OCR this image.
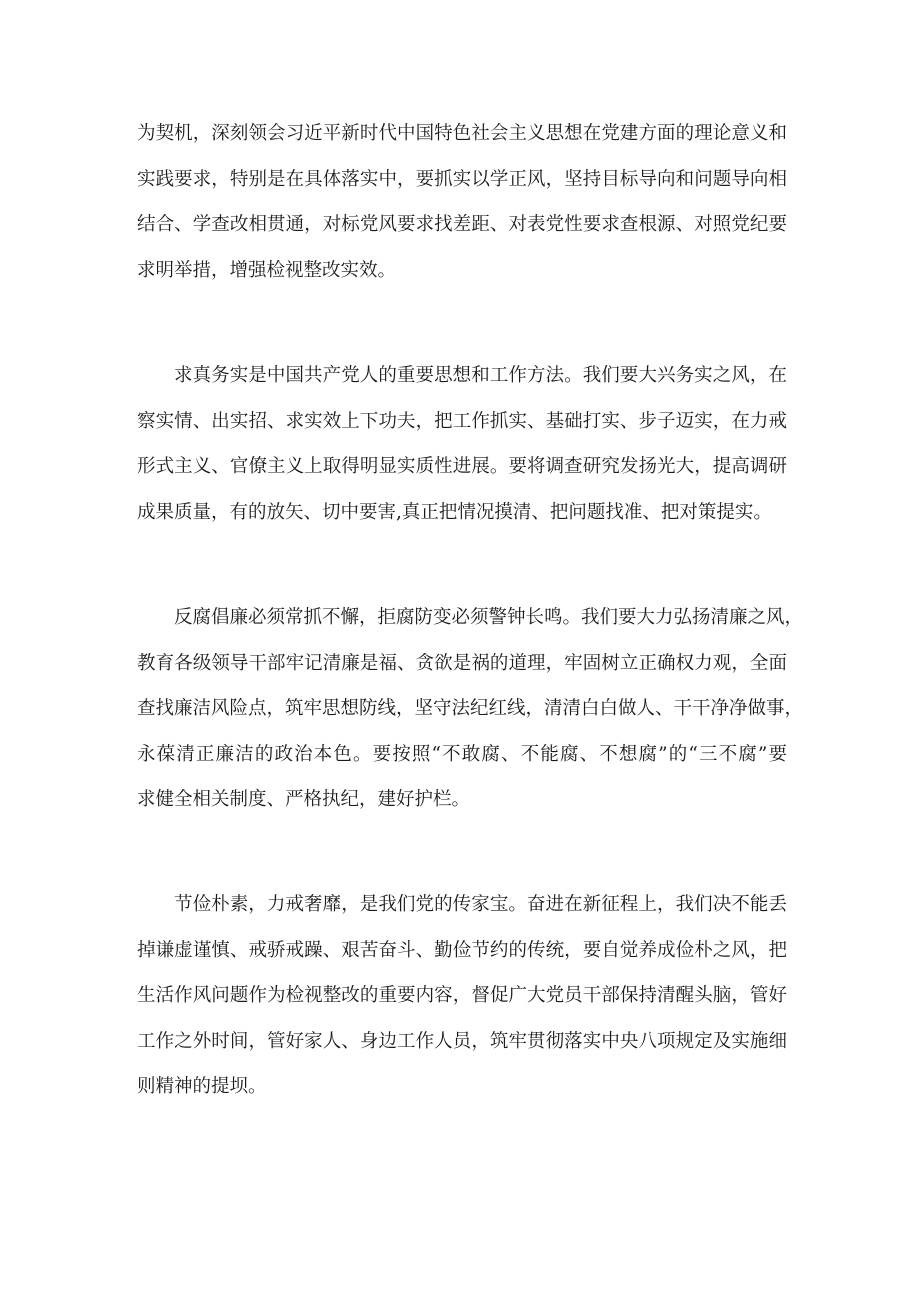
为契机，深刻领会习近平新时代中国特色社会主义思想在党建方面的理论意义和
实践要求，特别是在具体落实中，要抓实以学正风，坚持目标导向和问题导向相
结合、学查改相贯通，对标党风要求找差距、对表党性要求查根源、对照党纪要
求明举措，增强检视整改实效。
求真务实是中国共产党人的重要思想和工作方法。我们要大兴务实之风，在
察实情、出实招、求实效上下功夫，把工作抓实、基础打实、步子迈实，在力戒
形式主义、官僚主义上取得明显实质性进展。要将调查研究发扬光大，提高调研
成果质量，有的放矢、切中要害,真正把情况摸清、把问题找准、把对策提实。
反腐倡廉必须常抓不懈，拒腐防变必须警钟长鸣。我们要大力弘扬清廉之风，
教育各级领导干部牢记清廉是福、贪欲是祸的道理，牢固树立正确权力观，全面
查找廉洁风险点，筑牢思想防线，坚守法纪红线，清清白白做人、干干净净做事，
永葆清正廉洁的政治本色。要按照“不敢腐、不能腐、不想腐”的“三不腐”要
求健全相关制度、严格执纪，建好护栏。
节俭朴素，力戒奢靡，是我们党的传家宝。奋进在新征程上，我们决不能丢
掉谦虚谨慎、戒骄戒躁、艰苦奋斗、勤俭节约的传统，要自觉养成俭朴之风，把
生活作风问题作为检视整改的重要内容，督促广大党员干部保持清醒头脑，管好
工作之外时间，管好家人、身边工作人员，筑牢贯彻落实中央八项规定及实施细
则精神的提坝。
